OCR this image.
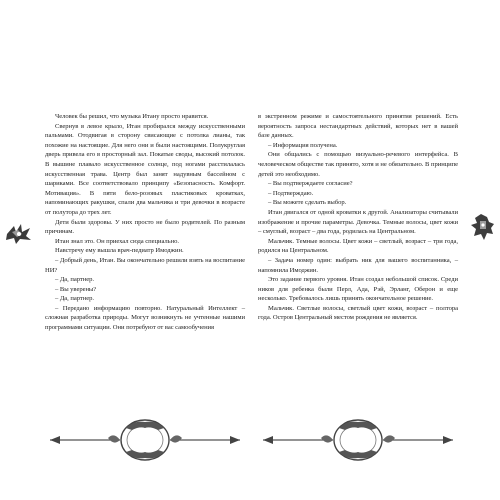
Человек бы решил, что музыка Итану просто нравится.

Свернув в левое крыло, Итан пробирался между искусственными пальмами. Отодвигая в сторону свисающие с потолка лианы, так похожие на настоящие. Для него они и были настоящими. Полукруглая дверь привела его в просторный зал. Покатые своды, высокий потолок. В вышине плавало искусственное солнце, под ногами расстилалась искусственная трава. Центр был занят надувным бассейном с шариками. Все соответствовало принципу «Безопасность. Комфорт. Мотивация». В пяти бело-розовых пластиковых кроватках, напоминающих ракушки, спали два мальчика и три девочки в возрасте от полутора до трех лет.

Дети были здоровы. У них просто не было родителей. По разным причинам.

Итан знал это. Он приехал сюда специально.

Навстречу ему вышла врач-педиатр Имоджин.

– Добрый день, Итан. Вы окончательно решили взять на воспитание НИ?

– Да, партнер.

– Вы уверены?

– Да, партнер.

– Передано информацию повторно. Натуральный Интеллект – сложная разработка природы. Могут возникнуть не учтенные нашими программами ситуации. Они потребуют от вас самообучения

в экстренном режиме и самостоятельного принятия решений. Есть вероятность запроса нестандартных действий, которых нет в вашей базе данных.

– Информация получена.

Они общались с помощью визуально-речевого интерфейса. В человеческом обществе так принято, хотя и не обязательно. В принципе детей это необходимо.

– Вы подтверждаете согласие?

– Подтверждаю.

– Вы можете сделать выбор.

Итан двигался от одной кроватки к другой. Анализаторы считывали изображение и прочие параметры. Девочка. Темные волосы, цвет кожи – смуглый, возраст – два года, родилась на Центральном.

Мальчик. Темные волосы. Цвет кожи – светлый, возраст – три года, родился на Центральном.

– Задача номер один: выбрать ник для вашего воспитанника, – напомнила Имоджин.

Это задание первого уровня. Итан создал небольшой список. Среди ников для ребенка были Перл, Ада, Рэй, Эрланг, Оберон и еще несколько. Требовалось лишь принять окончательное решение.

Мальчик. Светлые волосы, светлый цвет кожи, возраст – полтора года. Остров Центральный местом рождения не является.
